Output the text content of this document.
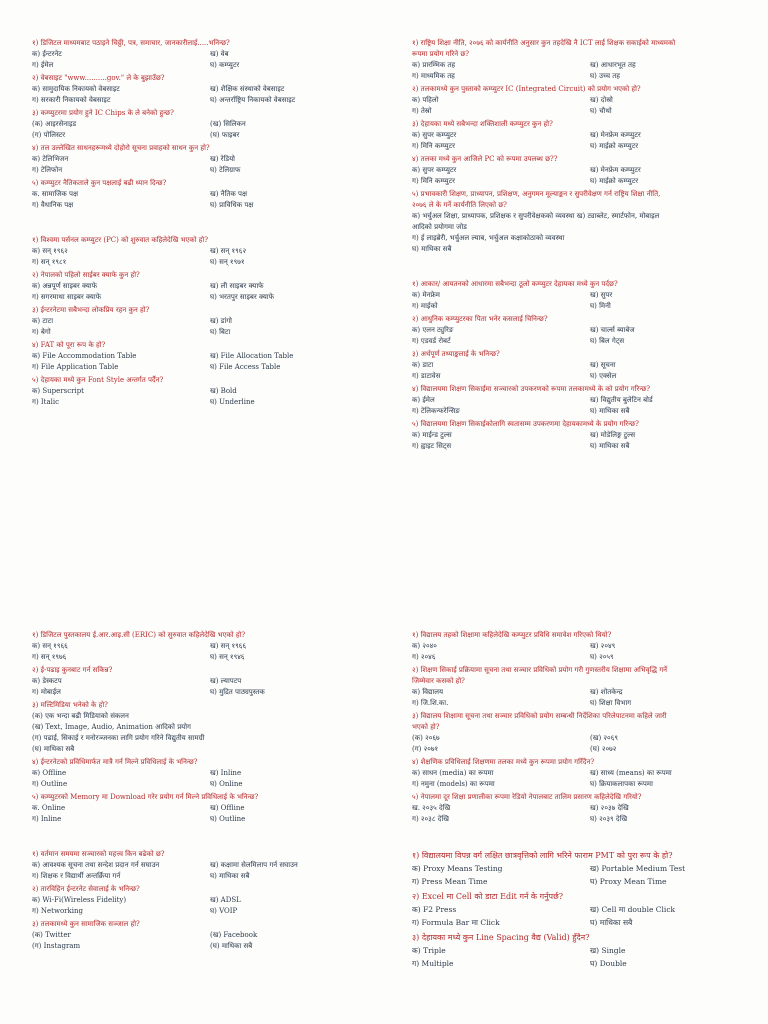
१) डिजिटल माध्यमबाट पठाइने चिठ्ठी, पत्र, समाचार, जानकारीलाई.....भनिन्छ?

क) ईन्टरनेट	ख) वेब
ग) ईमेल	घ) कम्प्युटर

२) वेबसाइट "www..........gov." ले के बुझाउँछ?

क) सामुदायिक निकायको वेबसाइट	ख) शैक्षिक संस्थाको वेबसाइट
ग) सरकारी निकायको वेबसाइट	घ) अन्तर्राष्ट्रिय निकायको वेबसाइट

३) कम्प्युटरमा प्रयोग हुने IC Chips के ले बनेको हुन्छ?

(क) आइरसेनाइड	(ख) सिलिकन
(ग) पोलिस्टर	(घ) फाइबर

४) तल उल्लेखित साधनहरूमध्ये दोहोरो सूचना प्रवाहको साधन कुन हो?

क) टेलिभिजन	ख) रेडियो
ग) टेलिफोन	घ) टेलिग्राफ

५) कम्प्युटर नैतिकताले कुन पक्षलाई बढी ध्यान दिन्छ?

क. सामाजिक पक्ष	ख) नैतिक पक्ष
ग) वैधानिक पक्ष	घ) प्राविधिक पक्ष

१) विश्वमा पर्सनल कम्प्युटर (PC) को शुरुवात कहिलेदेखि भएको हो?

क) सन् १९६२	ख) सन् १९६२
ग) सन् १९८१	घ) सन् १९७१

२) नेपालको पहिलो साईबर क्याफे कुन हो?

क) अन्नपूर्ण साइबर क्याफे	ख) ली साइबर क्याफे
ग) सगरमाथा साइबर क्याफे	घ) भरतपुर साइबर क्याफे

३) ईन्टरनेटमा सबैभन्दा लोकप्रिय रहन कुन हो?

क) टाटा	ख) डांगो
ग) बेगो	घ) बिटा

४) FAT को पूरा रूप के हो?

क) File Accommodation Table	ख) File Allocation Table
ग) File Application Table	घ) File Access Table

५) देहायका मध्ये कुन Font Style अन्तर्गत पर्दैन?

क) Superscript	ख) Bold
ग) Italic	घ) Underline

१) राष्ट्रिय शिक्षा नीति, २०७६ को कार्यनीति अनुसार कुन तहदेखि नै ICT लाई शिक्षक सकाईको माध्यमको

रूपमा प्रयोग गरिने छ?

क) प्रारम्भिक तह	ख) आधारभूत तह
ग) माध्यमिक तह	घ) उच्च तह

२) तलकामध्ये कुन पुस्ताको कम्प्युटर IC (Integrated Circuit) को प्रयोग भएको हो?

क) पहिलो	ख) दोस्रो
ग) तेस्रो	घ) चौथो

३) देहायका मध्ये सबैभन्दा शक्तिशाली कम्प्युटर कुन हो?

क) सुपर कम्प्युटर	ख) मेनफ्रेम कम्प्युटर
ग) मिनि कम्प्युटर	घ) माईक्रो कम्प्युटर

४) तलका मध्ये कुन आजिले PC को रूपमा उपलब्ध छ??

क) सुपर कम्प्युटर	ख) मेनफ्रेम कम्प्युटर
ग) मिनि कम्प्युटर	घ) माईक्रो कम्प्युटर

५) प्रभावकारी शिक्षण, प्राध्यापन, प्रशिक्षण, अनुगमन मूल्याङ्कन र सुपरीवेक्षण गर्न राष्ट्रिय शिक्षा नीति,

२०७६ ले के गर्ने कार्यनीति लिएको छ?

क) भर्चुअल शिक्षा, प्राध्यापक, प्रशिक्षक र सुपरीवेक्षकको व्यवस्था ख) ट्याब्लेट, स्मार्टफोन, मोबाइल
आदिको प्रयोगमा जोड
ग) ई लाइब्रेरी, भर्चुअल ल्याब, भर्चुअल कक्षाकोठाको व्यवस्था
घ) माथिका सबै

१) आकार/ आयतनको आधारमा सबैभन्दा ठूलो कम्प्युटर देहायका मध्ये कुन पर्दछ?

क) मेनफ्रेम	ख) सुपर
ग) माईको	घ) मिनी

२) आधुनिक कम्प्युटरका पिता भनेर कसलाई चिनिन्छ?

क) एलन ट्युरिङ	ख) चार्ल्स ब्याबेज
ग) एडवर्ड रोबर्ट	घ) बिल गेट्स

३) अर्थपूर्ण तथ्याङ्कलाई के भनिन्छ?

क) डाटा	ख) सूचना
ग) डाटावेस	घ) एक्सेल

४) विद्यालयमा शिक्षण सिकाईमा सञ्चारको उपकरणको रूपमा तलकामध्ये के को प्रयोग गरिन्छ?

क) ईमेल	ख) विद्युतीय बुलेटिन बोर्ड
ग) टेलिकन्फरेन्सिङ	घ) माथिका सबै

५) विद्यालयमा शिक्षण सिकाईकोलागि स्वतासम्म उपकरणमा देहायकामध्ये के प्रयोग गरिन्छ?

क) माईन्ड टुल्स	ख) मोडेलिङ्ग टुल्स
ग) ह्वाइट सिट्स	घ) माथिका सबै

१) डिजिटल पुस्तकालय ई.आर.आइ.सी (ERIC) को सुरुवात कहिलेदेखि भएको हो?

क) सन् १९६६	ख) सन् १९६६
ग) सन् १९७६	घ) सन् १९४६

२) ई-पढाइ कुनबाट गर्न सकिन्न?

क) डेस्कटप	ख) ल्यापटप
ग) मोबाईल	घ) मुद्रित पाठ्यपुस्तक

३) मल्टिमिडिया भनेको के हो?

(क) एक भन्दा बढी मिडियाको संकलन
(ख) Text, Image, Audio, Animation आदिको प्रयोग
(ग) पढाई, सिकाई र मनोरञ्जनका लागि प्रयोग गरिने विद्युतीय सामग्री
(घ) माथिका सबै

४) ईन्टरनेटको प्रविधिमार्फत मात्रै गर्न मिल्ने प्रविधिलाई के भनिन्छ?

क) Offline	ख) Inline
ग) Outline	घ) Online

५) कम्प्युटरको Memory मा Download गरेर प्रयोग गर्न मिल्ने प्रविधिलाई के भनिन्छ?

क. Online	ख) Offline
ग) Inline	घ) Outline

१) वर्तमान समयमा सञ्चारको महत्त्व किन बढेको छ?

क) आवश्यक सूचना तथा सन्देश प्रदान गर्न सघाउन	ख) कक्षामा सेलमिलाप गर्न सघाउन
ग) शिक्षक र विद्यार्थी अन्तर्क्रिया गर्न	घ) माथिका सबै

२) तारविहिन ईन्टरनेट सेवालाई के भनिन्छ?

क) Wi-Fi(Wireless Fidelity)	ख) ADSL
ग) Networking	घ) VOIP

३) तलकामध्ये कुन सामाजिक सञ्जाल हो?

(क) Twitter	(ख) Facebook
(ग) Instagram	(घ) माथिका सबै

१) विद्यालय तहको शिक्षामा कहिलेदेखि कम्प्युटर प्रविधि समावेश गरिएको थियो?

क) २०४०	ख) २०४९
ग) २०४६	घ) २०५९

२) शिक्षण सिकाई प्रक्रियामा सूचना तथा सञ्चार प्रविधिको प्रयोग गरी गुणस्तरीय शिक्षामा अभिवृद्धि गर्ने

जिम्मेवार कसको हो?

क) विद्यालय	ख) शोतकेन्द्र
ग) जि.शि.का.	घ) शिक्षा विभाग

३) विद्यालय शिक्षामा सूचना तथा सञ्चार प्रविधिको प्रयोग सम्बन्धी निर्देशिका परिलेपाटनमा कहिले जारी

भएको हो?

(क) २०६७	(ख) २०६९
(ग) २०७१	(घ) २०७२

४) शैक्षणिक प्रविधिलाई शिक्षणमा तलका मध्ये कुन रूपमा प्रयोग गरिँदैन?

क) साधन (media) का रूपमा	ख) साध्य (means) का रूपमा
ग) नमुना (models) का रूपमा	घ) क्रियाकलापका रूपमा

५) नेपालमा दूर शिक्षा प्रणालीका रूपमा रेडियो नेपालबाट तालिम प्रसारण कहिलेदेखि गरियो?

ख. २०३५ देखि	ख) २०३७ देखि
ग) २०३८ देखि	घ) २०३९ देखि

१) विद्यालयमा विपन्न वर्ग लक्षित छात्रवृत्तिको लागि भरिने फाराम PMT को पुरा रूप के हो?

क) Proxy Means Testing	ख) Portable Medium Test
ग) Press Mean Time	घ) Proxy Mean Time

२) Excel मा Cell को डाटा Edit गर्न के गर्नुपर्छ?

क) F2 Press	ख) Cell मा double Click
ग) Formula Bar मा Click	घ) माथिका सबै

३) देहायका मध्ये कुन Line Spacing वैद्य (Valid) हुँदैन?

क) Triple	ख) Single
ग) Multiple	घ) Double
